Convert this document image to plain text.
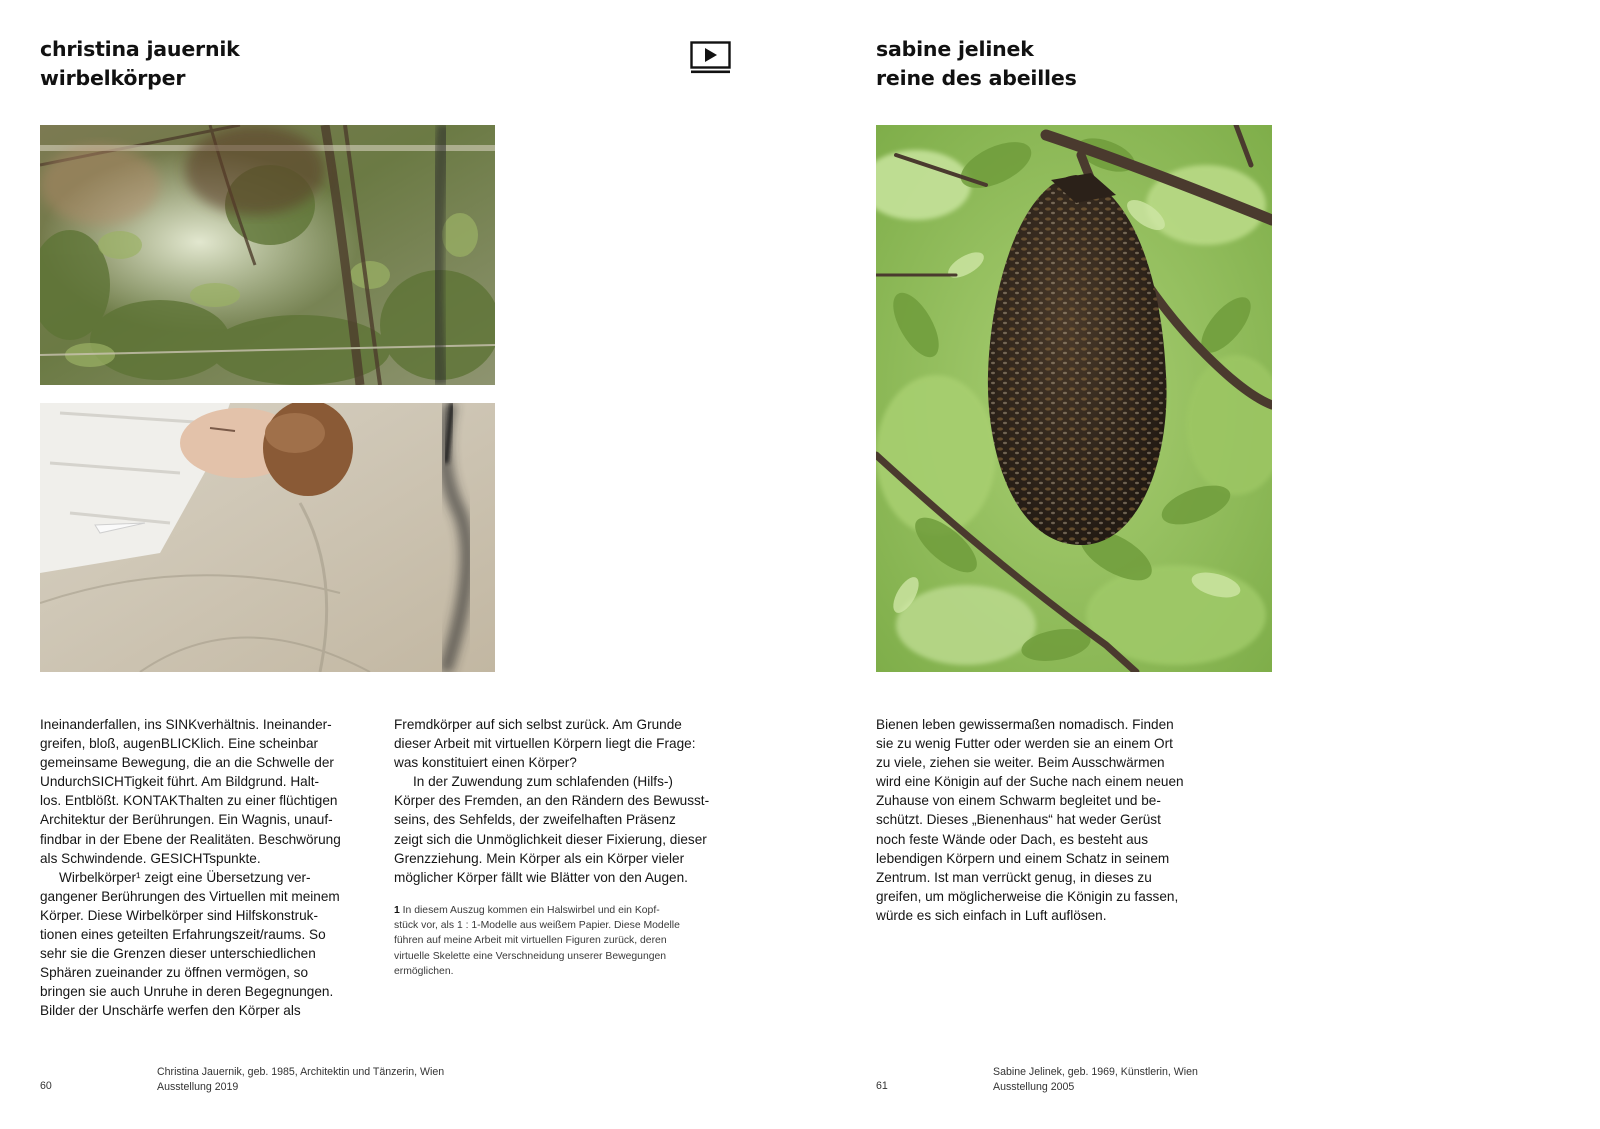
christina jauernik
wirbelkörper

Ineinanderfallen, ins SINKverhältnis. Ineinander-

greifen, bloß, augenBLICKlich. Eine scheinbar

gemeinsame Bewegung, die an die Schwelle der

UndurchSICHTigkeit führt. Am Bildgrund. Halt-

los. Entblößt. KONTAKThalten zu einer flüchtigen

Architektur der Berührungen. Ein Wagnis, unauf-

findbar in der Ebene der Realitäten. Beschwörung

als Schwindende. GESICHTspunkte.

Wirbelkörper¹ zeigt eine Übersetzung ver-

gangener Berührungen des Virtuellen mit meinem

Körper. Diese Wirbelkörper sind Hilfskonstruk-

tionen eines geteilten Erfahrungszeit/raums. So

sehr sie die Grenzen dieser unterschiedlichen

Sphären zueinander zu öffnen vermögen, so

bringen sie auch Unruhe in deren Begegnungen.

Bilder der Unschärfe werfen den Körper als

Fremdkörper auf sich selbst zurück. Am Grunde

dieser Arbeit mit virtuellen Körpern liegt die Frage:

was konstituiert einen Körper?

In der Zuwendung zum schlafenden (Hilfs-)

Körper des Fremden, an den Rändern des Bewusst-

seins, des Sehfelds, der zweifelhaften Präsenz

zeigt sich die Unmöglichkeit dieser Fixierung, dieser

Grenzziehung. Mein Körper als ein Körper vieler

möglicher Körper fällt wie Blätter von den Augen.

1 In diesem Auszug kommen ein Halswirbel und ein Kopf-

stück vor, als 1 : 1-Modelle aus weißem Papier. Diese Modelle

führen auf meine Arbeit mit virtuellen Figuren zurück, deren

virtuelle Skelette eine Verschneidung unserer Bewegungen

ermöglichen.

60

Christina Jauernik, geb. 1985, Architektin und Tänzerin, Wien

Ausstellung 2019

sabine jelinek
reine des abeilles

Bienen leben gewissermaßen nomadisch. Finden

sie zu wenig Futter oder werden sie an einem Ort

zu viele, ziehen sie weiter. Beim Ausschwärmen

wird eine Königin auf der Suche nach einem neuen

Zuhause von einem Schwarm begleitet und be-

schützt. Dieses „Bienenhaus“ hat weder Gerüst

noch feste Wände oder Dach, es besteht aus

lebendigen Körpern und einem Schatz in seinem

Zentrum. Ist man verrückt genug, in dieses zu

greifen, um möglicherweise die Königin zu fassen,

würde es sich einfach in Luft auflösen.

61

Sabine Jelinek, geb. 1969, Künstlerin, Wien

Ausstellung 2005
